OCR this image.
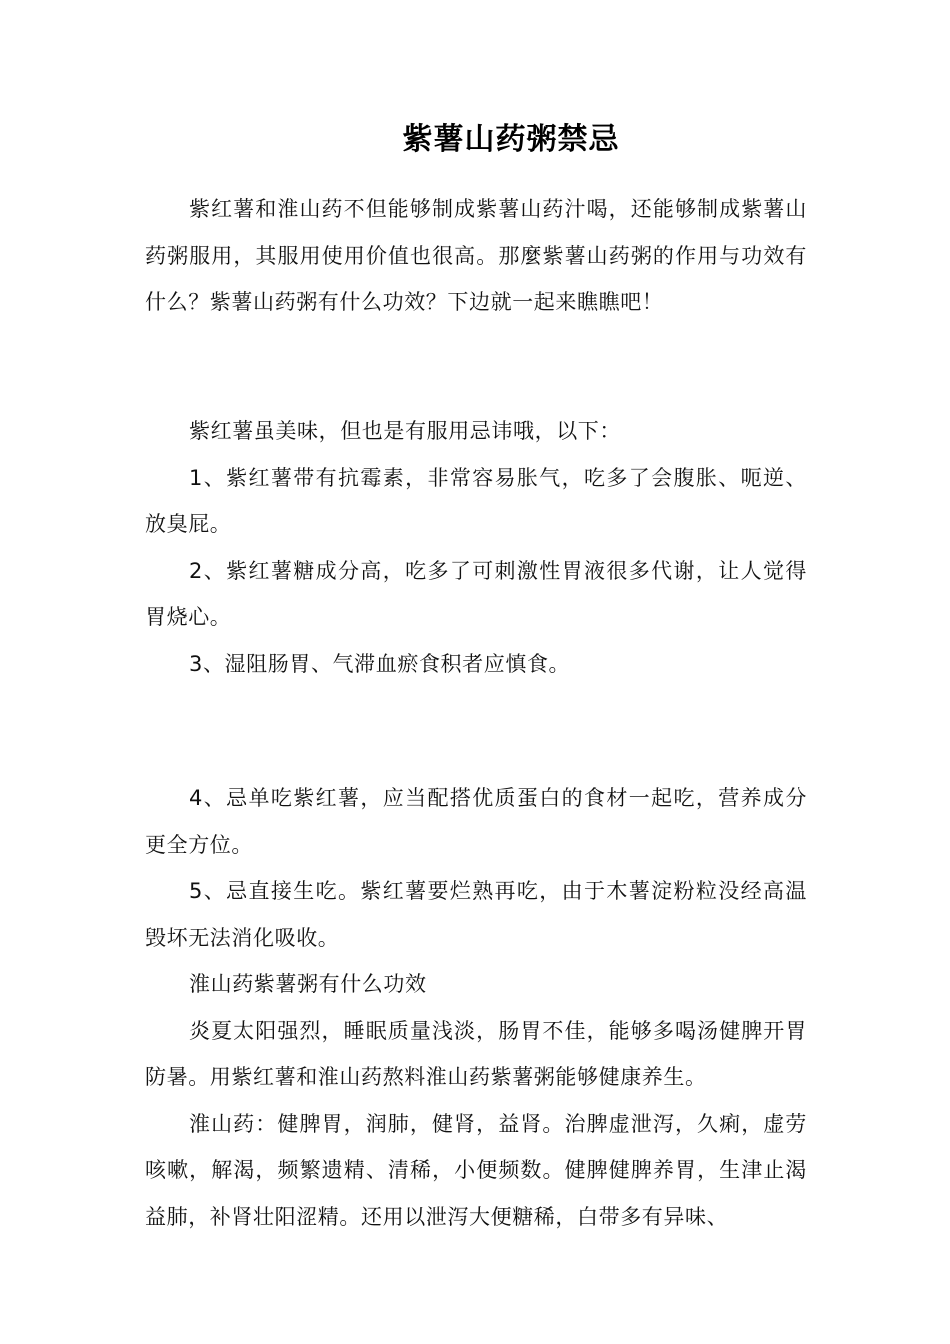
紫薯山药粥禁忌

紫红薯和淮山药不但能够制成紫薯山药汁喝，还能够制成紫薯山药粥服用，其服用使用价值也很高。那麼紫薯山药粥的作用与功效有什么？紫薯山药粥有什么功效？下边就一起来瞧瞧吧！

紫红薯虽美味，但也是有服用忌讳哦，以下：

1、紫红薯带有抗霉素，非常容易胀气，吃多了会腹胀、呃逆、放臭屁。

2、紫红薯糖成分高，吃多了可刺激性胃液很多代谢，让人觉得胃烧心。

3、湿阻肠胃、气滞血瘀食积者应慎食。

4、忌单吃紫红薯，应当配搭优质蛋白的食材一起吃，营养成分更全方位。

5、忌直接生吃。紫红薯要烂熟再吃，由于木薯淀粉粒没经高温毁坏无法消化吸收。

淮山药紫薯粥有什么功效

炎夏太阳强烈，睡眠质量浅淡，肠胃不佳，能够多喝汤健脾开胃防暑。用紫红薯和淮山药熬料淮山药紫薯粥能够健康养生。

淮山药：健脾胃，润肺，健肾，益肾。治脾虚泄泻，久痢，虚劳咳嗽，解渴，频繁遗精、清稀，小便频数。健脾健脾养胃，生津止渴益肺，补肾壮阳涩精。还用以泄泻大便糖稀，白带多有异味、
